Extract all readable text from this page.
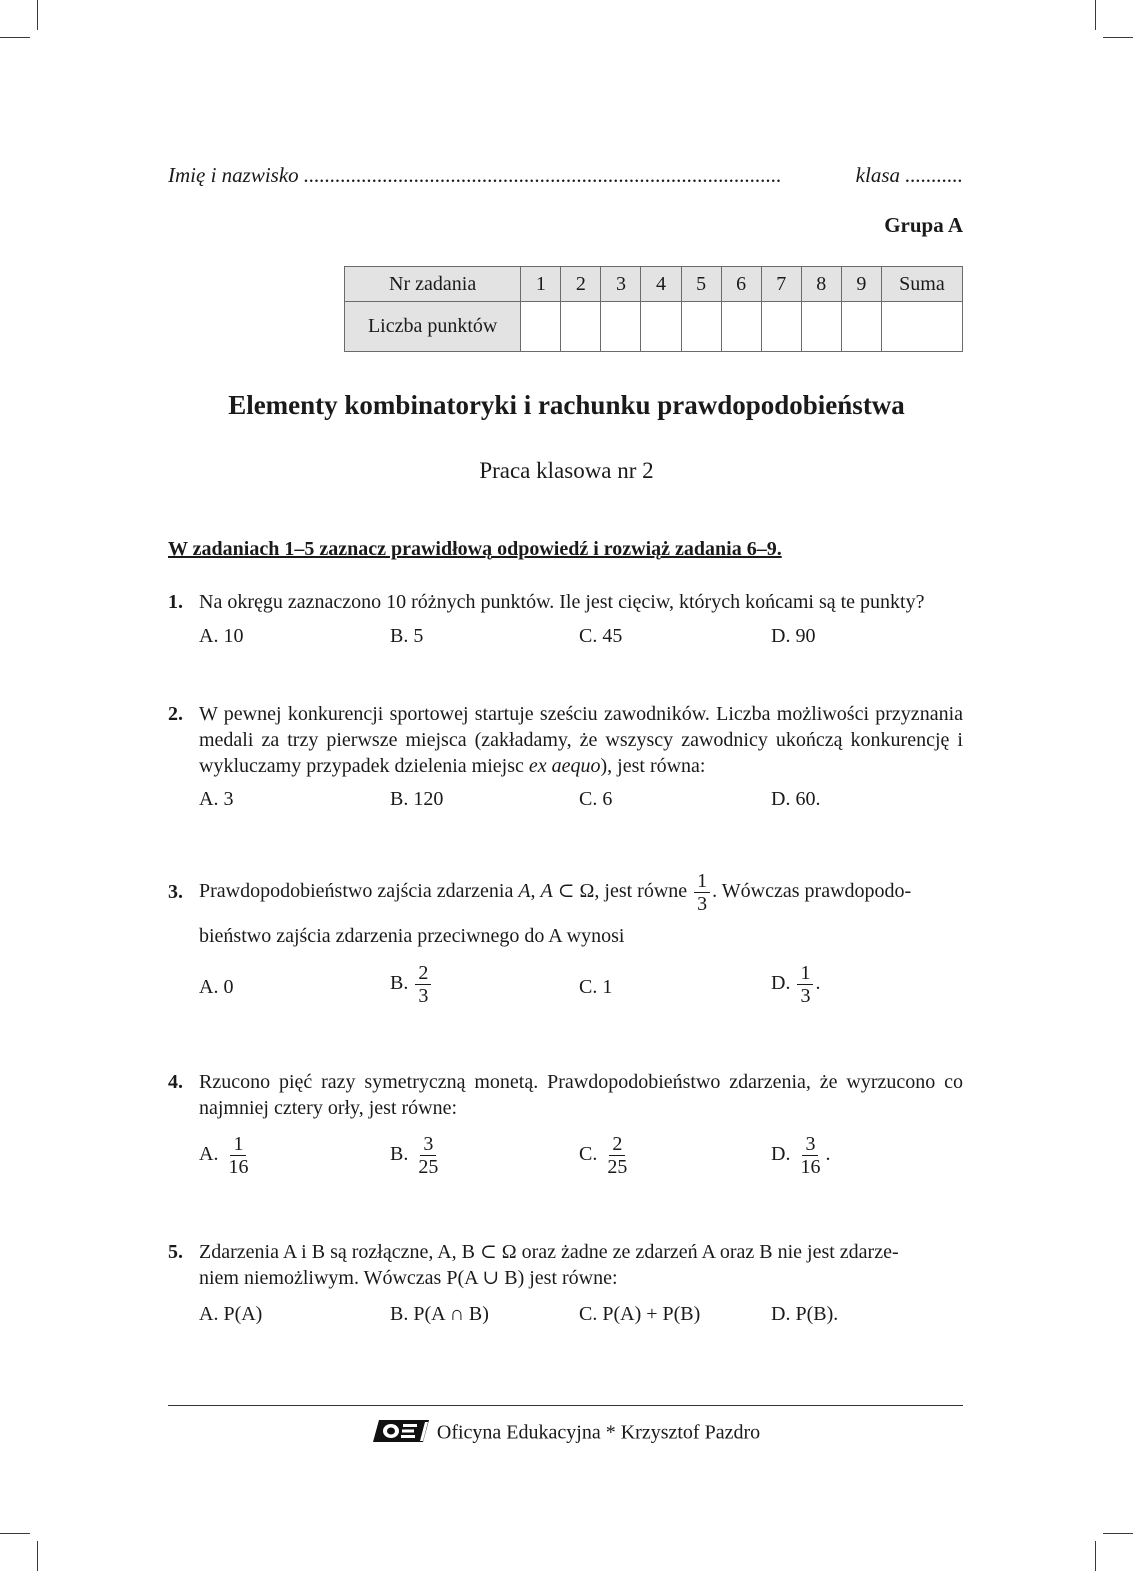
Imię i nazwisko ...........................................................................................	klasa ...........
Grupa A
Nr zadania	1	2	3	4	5	6	7	8	9	Suma
Liczba punktów										
Elementy kombinatoryki i rachunku prawdopodobieństwa
Praca klasowa nr 2
W zadaniach 1–5 zaznacz prawidłową odpowiedź i rozwiąż zadania 6–9.
1. Na okręgu zaznaczono 10 różnych punktów. Ile jest cięciw, których końcami są te punkty?
A. 10	B. 5	C. 45	D. 90
2. W pewnej konkurencji sportowej startuje sześciu zawodników. Liczba możliwości przyznania medali za trzy pierwsze miejsca (zakładamy, że wszyscy zawodnicy ukończą konkurencję i wykluczamy przypadek dzielenia miejsc ex aequo), jest równa:
A. 3	B. 120	C. 6	D. 60.
3. Prawdopodobieństwo zajścia zdarzenia A, A ⊂ Ω, jest równe $\frac{1}{3}$ . Wówczas prawdopodo-
bieństwo zajścia zdarzenia przeciwnego do A wynosi
A. 0	B. $\frac{2}{3}$	C. 1	D. $\frac{1}{3}$ .
4. Rzucono pięć razy symetryczną monetą. Prawdopodobieństwo zdarzenia, że wyrzucono co najmniej cztery orły, jest równe:
A. $\frac{1}{16}$	B. $\frac{3}{25}$	C. $\frac{2}{25}$	D. $\frac{3}{16}$ .
5. Zdarzenia A i B są rozłączne, A, B ⊂ Ω oraz żadne ze zdarzeń A oraz B nie jest zdarze-
niem niemożliwym. Wówczas P(A ∪ B) jest równe:
A. P(A)	B. P(A ∩ B)	C. P(A) + P(B)	D. P(B).
Oficyna Edukacyjna * Krzysztof Pazdro
